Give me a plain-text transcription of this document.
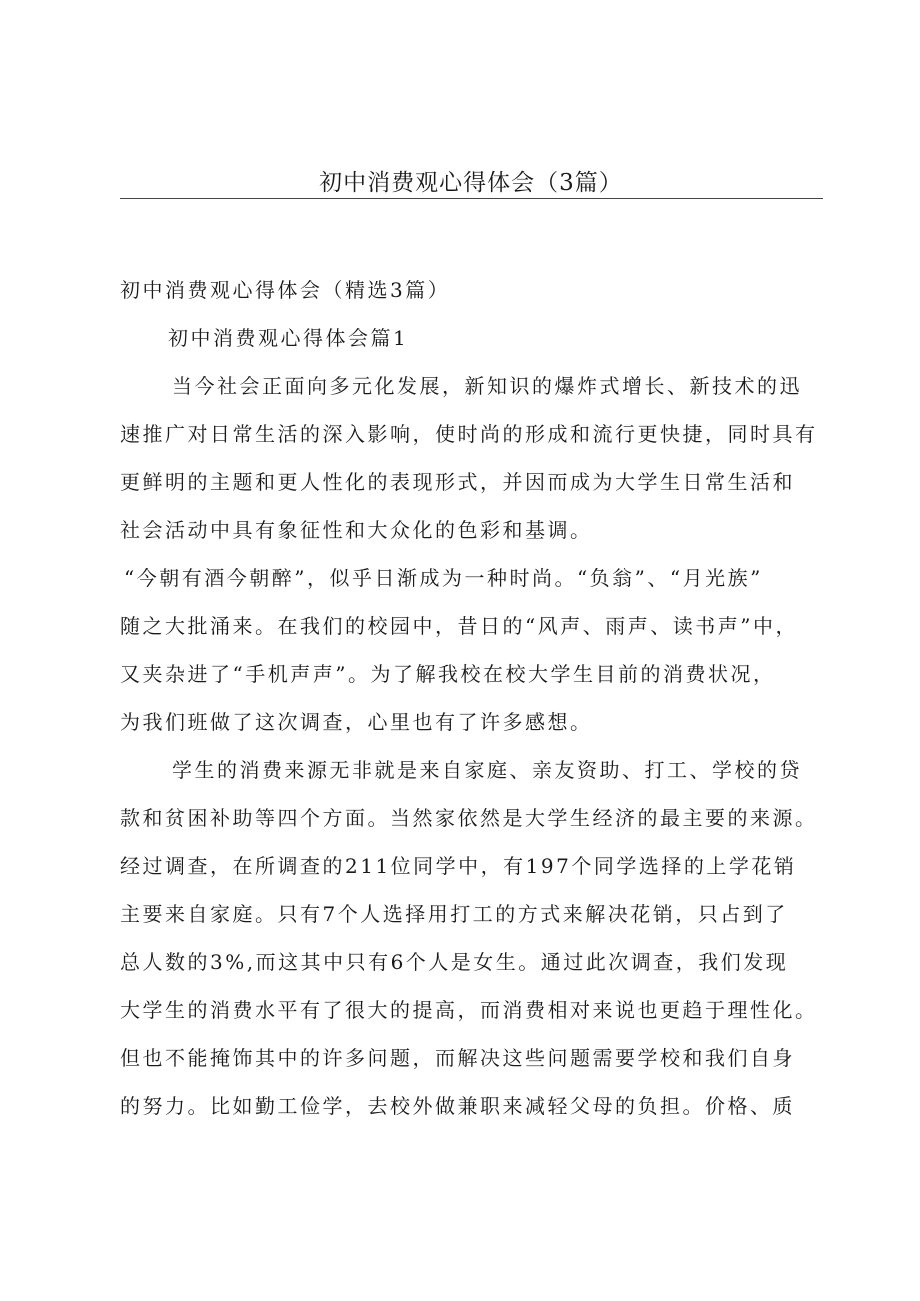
初中消费观心得体会（3篇）
初中消费观心得体会（精选3篇）
初中消费观心得体会篇1
当今社会正面向多元化发展，新知识的爆炸式增长、新技术的迅
速推广对日常生活的深入影响，使时尚的形成和流行更快捷，同时具有
更鲜明的主题和更人性化的表现形式，并因而成为大学生日常生活和
社会活动中具有象征性和大众化的色彩和基调。
“今朝有酒今朝醉”，似乎日渐成为一种时尚。“负翁”、“月光族”
随之大批涌来。在我们的校园中，昔日的“风声、雨声、读书声”中，
又夹杂进了“手机声声”。为了解我校在校大学生目前的消费状况，
为我们班做了这次调查，心里也有了许多感想。
学生的消费来源无非就是来自家庭、亲友资助、打工、学校的贷
款和贫困补助等四个方面。当然家依然是大学生经济的最主要的来源。
经过调查，在所调查的211位同学中，有197个同学选择的上学花销
主要来自家庭。只有7个人选择用打工的方式来解决花销，只占到了
总人数的3%,而这其中只有6个人是女生。通过此次调查，我们发现
大学生的消费水平有了很大的提高，而消费相对来说也更趋于理性化。
但也不能掩饰其中的许多问题，而解决这些问题需要学校和我们自身
的努力。比如勤工俭学，去校外做兼职来减轻父母的负担。价格、质
